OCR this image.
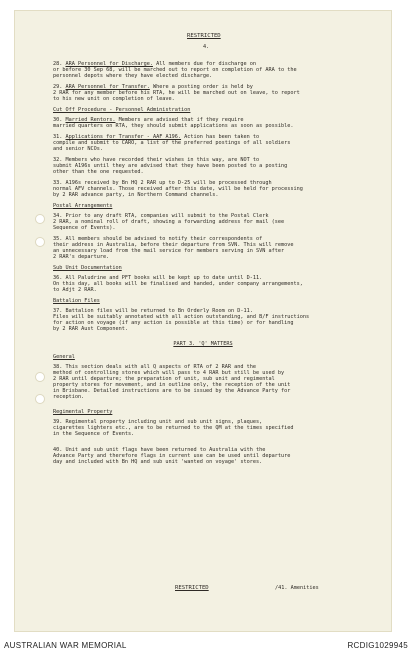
RESTRICTED
4.
28. ARA Personnel for Discharge. All members due for discharge on
or before 30 Sep 68, will be marched out to report on completion of ARA to the
personnel depots where they have elected discharge.
29. ARA Personnel for Transfer. Where a posting order is held by
2 RAR for any member before his RTA, he will be marched out on leave, to report
to his new unit on completion of leave.
Cut Off Procedure - Personnel Administration
30. Married Rentors. Members are advised that if they require
married quarters on RTA, they should submit applications as soon as possible.
31. Applications for Transfer - AAF A196. Action has been taken to
compile and submit to CARO, a list of the preferred postings of all soldiers
and senior NCOs.
32. Members who have recorded their wishes in this way, are NOT to
submit A196s until they are advised that they have been posted to a posting
other than the one requested.
33. A196s received by Bn HQ 2 RAR up to D-25 will be processed through
normal AFV channels. Those received after this date, will be held for processing
by 2 RAR advance party, in Northern Command channels.
Postal Arrangements
34. Prior to any draft RTA, companies will submit to the Postal Clerk
2 RAR, a nominal roll of draft, showing a forwarding address for mail (see
Sequence of Events).
35. All members should be advised to notify their correspondents of
their address in Australia, before their departure from SVN. This will remove
an unnecessary load from the mail service for members serving in SVN after
2 RAR's departure.
Sub Unit Documentation
36. All Paludrine and PFT books will be kept up to date until D-11.
On this day, all books will be finalised and handed, under company arrangements,
to Adjt 2 RAR.
Battalion Files
37. Battalion files will be returned to Bn Orderly Room on D-11.
Files will be suitably annotated with all action outstanding, and B/F instructions
for action on voyage (if any action is possible at this time) or for handling
by 2 RAR Aust Component.
PART 3. 'Q' MATTERS
General
38. This section deals with all Q aspects of RTA of 2 RAR and the
method of controlling stores which will pass to 4 RAR but still be used by
2 RAR until departure; the preparation of unit, sub unit and regimental
property stores for movement, and in outline only, the reception of the unit
in Brisbane. Detailed instructions are to be issued by the Advance Party for
reception.
Regimental Property
39. Regimental property including unit and sub unit signs, plaques,
cigarettes lighters etc., are to be returned to the QM at the times specified
in the Sequence of Events.
40. Unit and sub unit flags have been returned to Australia with the
Advance Party and therefore flags in current use can be used until departure
day and included with Bn HQ and sub unit 'wanted on voyage' stores.
RESTRICTED	/41. Amenities
AUSTRALIAN WAR MEMORIAL	RCDIG1029945
